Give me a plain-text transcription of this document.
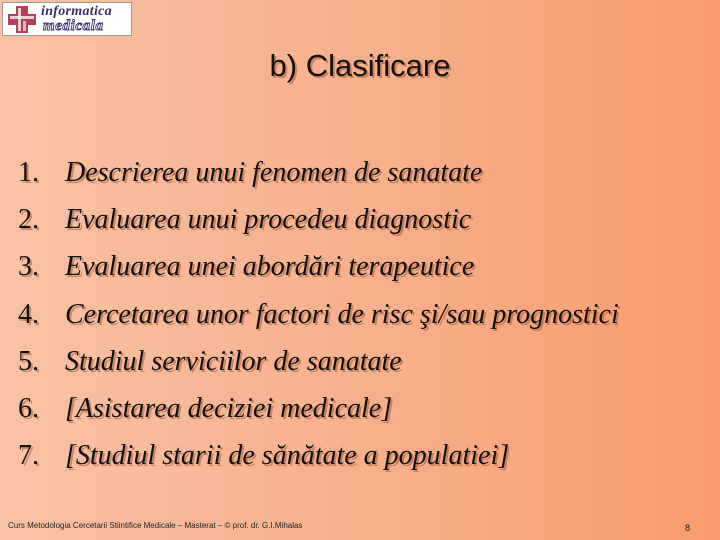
informatica
medicala
b) Clasificare
1. Descrierea unui fenomen de sanatate
2. Evaluarea unui procedeu diagnostic
3. Evaluarea unei abordări terapeutice
4. Cercetarea unor factori de risc şi/sau prognostici
5. Studiul serviciilor de sanatate
6. [Asistarea deciziei medicale]
7. [Studiul starii de sănătate a populatiei]
Curs Metodologia Cercetarii Stiintifice Medicale – Masterat – © prof. dr. G.I.Mihalas	8
